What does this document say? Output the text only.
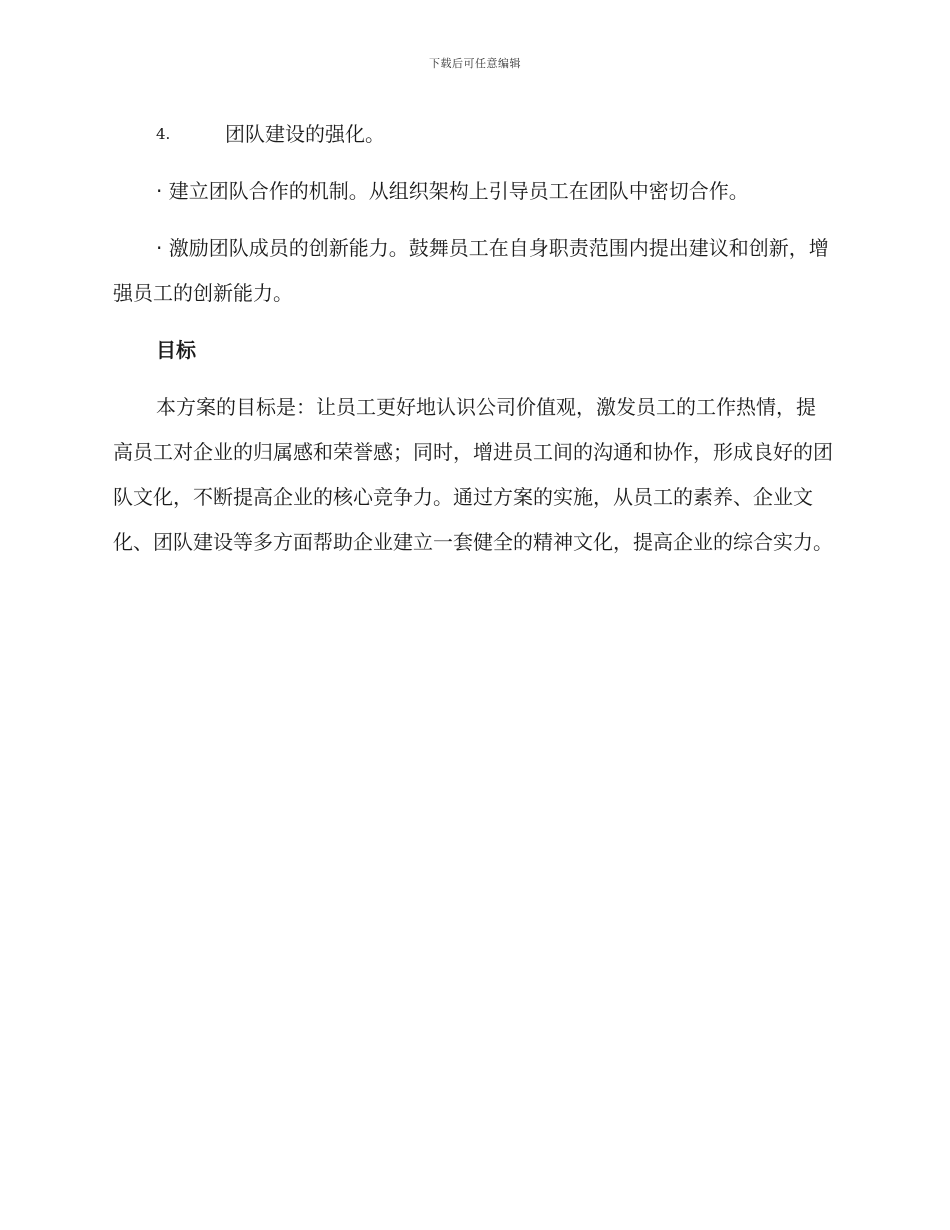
下载后可任意编辑
4.	团队建设的强化。

· 建立团队合作的机制。从组织架构上引导员工在团队中密切合作。

· 激励团队成员的创新能力。鼓舞员工在自身职责范围内提出建议和创新，增强员工的创新能力。

目标

本方案的目标是：让员工更好地认识公司价值观，激发员工的工作热情，提高员工对企业的归属感和荣誉感；同时，增进员工间的沟通和协作，形成良好的团队文化，不断提高企业的核心竞争力。通过方案的实施，从员工的素养、企业文化、团队建设等多方面帮助企业建立一套健全的精神文化，提高企业的综合实力。
